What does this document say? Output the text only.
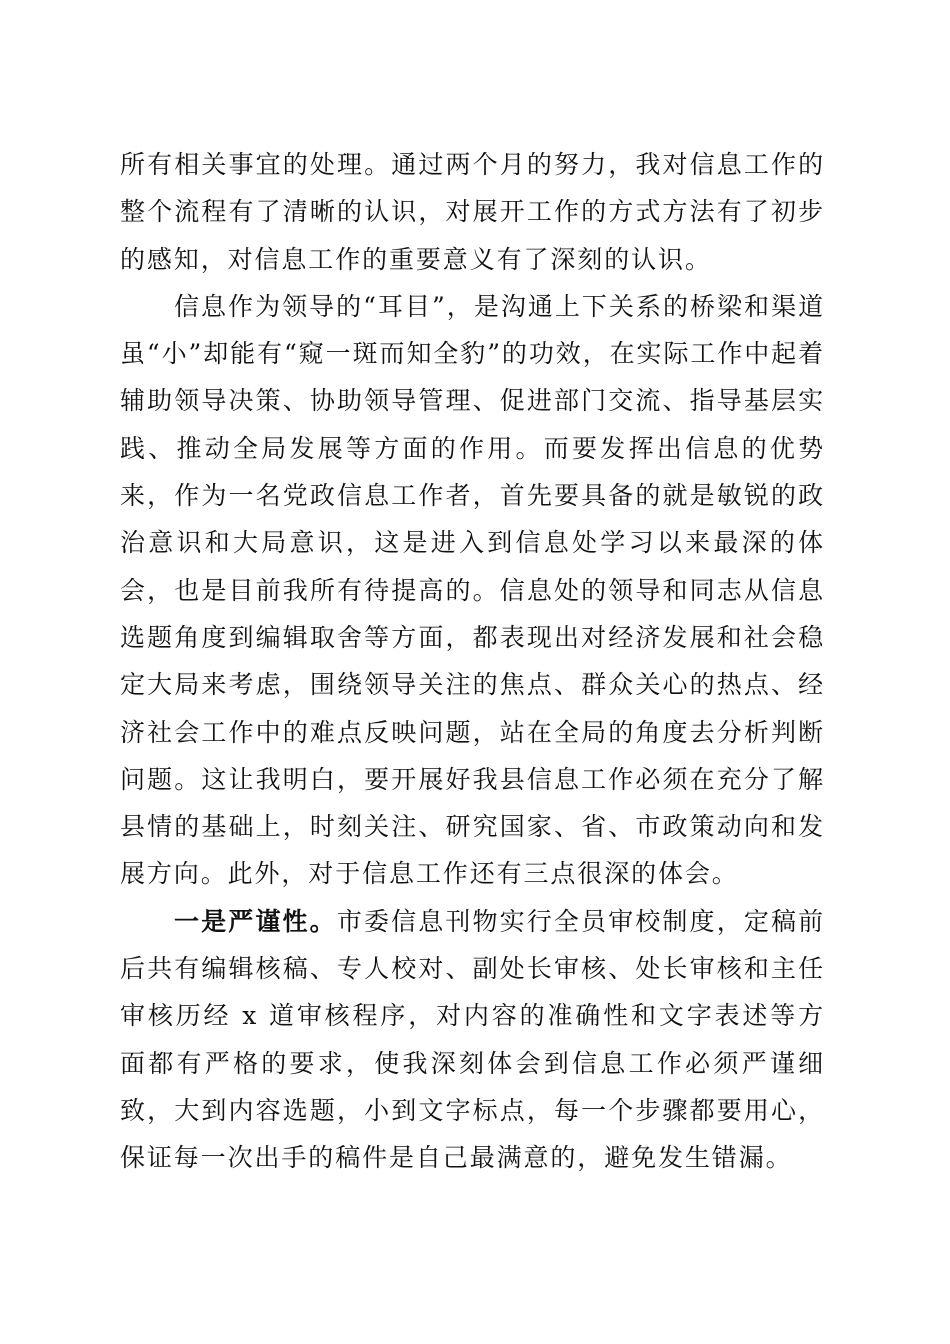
所有相关事宜的处理。通过两个月的努力，我对信息工作的整个流程有了清晰的认识，对展开工作的方式方法有了初步的感知，对信息工作的重要意义有了深刻的认识。

信息作为领导的“耳目”，是沟通上下关系的桥梁和渠道虽“小”却能有“窥一斑而知全豹”的功效，在实际工作中起着辅助领导决策、协助领导管理、促进部门交流、指导基层实践、推动全局发展等方面的作用。而要发挥出信息的优势来，作为一名党政信息工作者，首先要具备的就是敏锐的政治意识和大局意识，这是进入到信息处学习以来最深的体会，也是目前我所有待提高的。信息处的领导和同志从信息选题角度到编辑取舍等方面，都表现出对经济发展和社会稳定大局来考虑，围绕领导关注的焦点、群众关心的热点、经济社会工作中的难点反映问题，站在全局的角度去分析判断问题。这让我明白，要开展好我县信息工作必须在充分了解县情的基础上，时刻关注、研究国家、省、市政策动向和发展方向。此外，对于信息工作还有三点很深的体会。

一是严谨性。市委信息刊物实行全员审校制度，定稿前后共有编辑核稿、专人校对、副处长审核、处长审核和主任审核历经 x 道审核程序，对内容的准确性和文字表述等方面都有严格的要求，使我深刻体会到信息工作必须严谨细致，大到内容选题，小到文字标点，每一个步骤都要用心，保证每一次出手的稿件是自己最满意的，避免发生错漏。
